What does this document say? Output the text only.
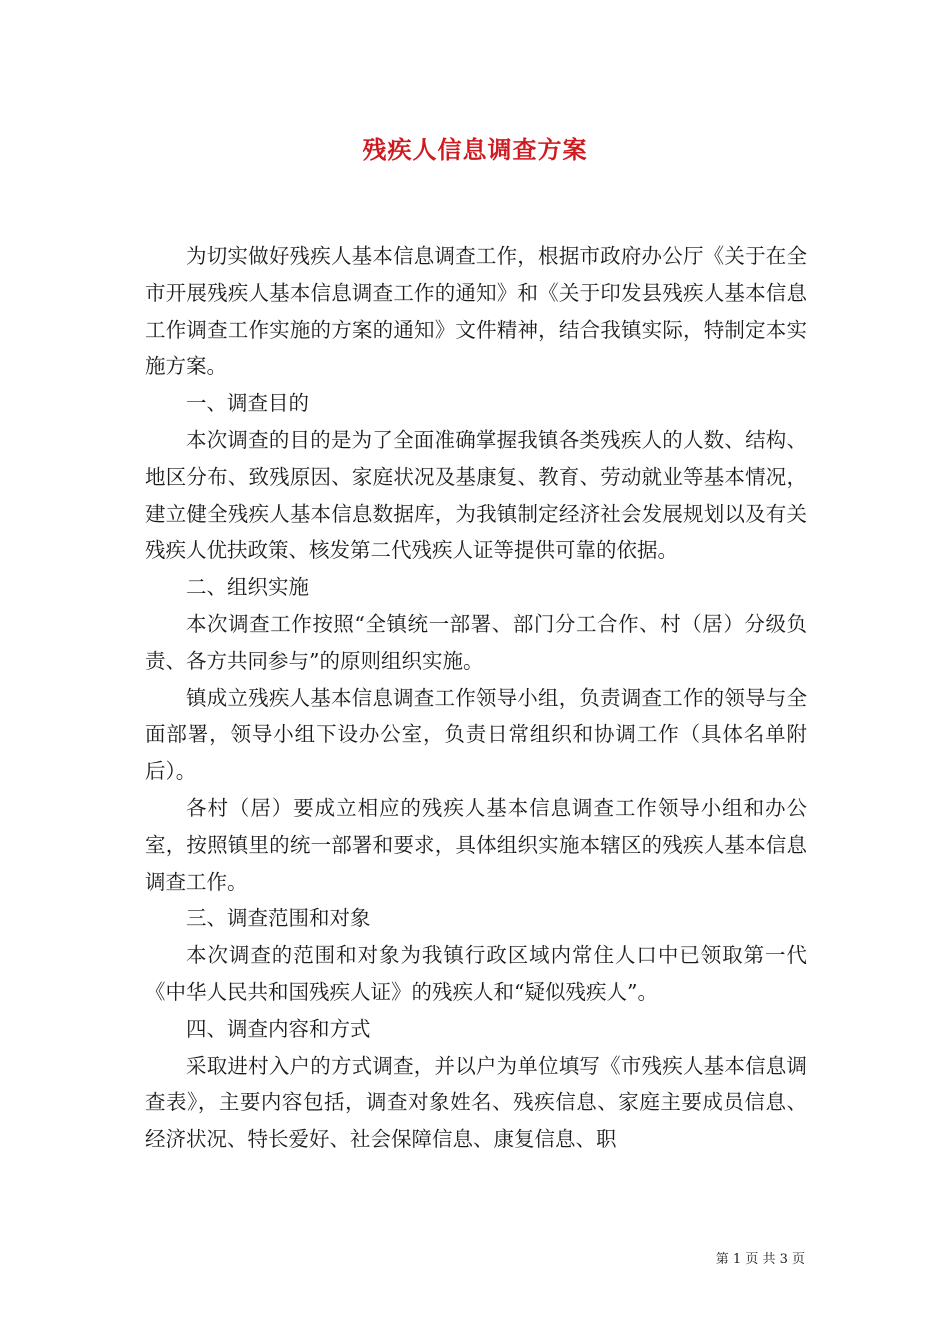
残疾人信息调查方案

为切实做好残疾人基本信息调查工作，根据市政府办公厅《关于在全市开展残疾人基本信息调查工作的通知》和《关于印发县残疾人基本信息工作调查工作实施的方案的通知》文件精神，结合我镇实际，特制定本实施方案。

一、调查目的

本次调查的目的是为了全面准确掌握我镇各类残疾人的人数、结构、地区分布、致残原因、家庭状况及基康复、教育、劳动就业等基本情况，建立健全残疾人基本信息数据库，为我镇制定经济社会发展规划以及有关残疾人优扶政策、核发第二代残疾人证等提供可靠的依据。

二、组织实施

本次调查工作按照“全镇统一部署、部门分工合作、村（居）分级负责、各方共同参与”的原则组织实施。

镇成立残疾人基本信息调查工作领导小组，负责调查工作的领导与全面部署，领导小组下设办公室，负责日常组织和协调工作（具体名单附后）。

各村（居）要成立相应的残疾人基本信息调查工作领导小组和办公室，按照镇里的统一部署和要求，具体组织实施本辖区的残疾人基本信息调查工作。

三、调查范围和对象

本次调查的范围和对象为我镇行政区域内常住人口中已领取第一代《中华人民共和国残疾人证》的残疾人和“疑似残疾人”。

四、调查内容和方式

采取进村入户的方式调查，并以户为单位填写《市残疾人基本信息调查表》，主要内容包括，调查对象姓名、残疾信息、家庭主要成员信息、经济状况、特长爱好、社会保障信息、康复信息、职

第 1 页 共 3 页
